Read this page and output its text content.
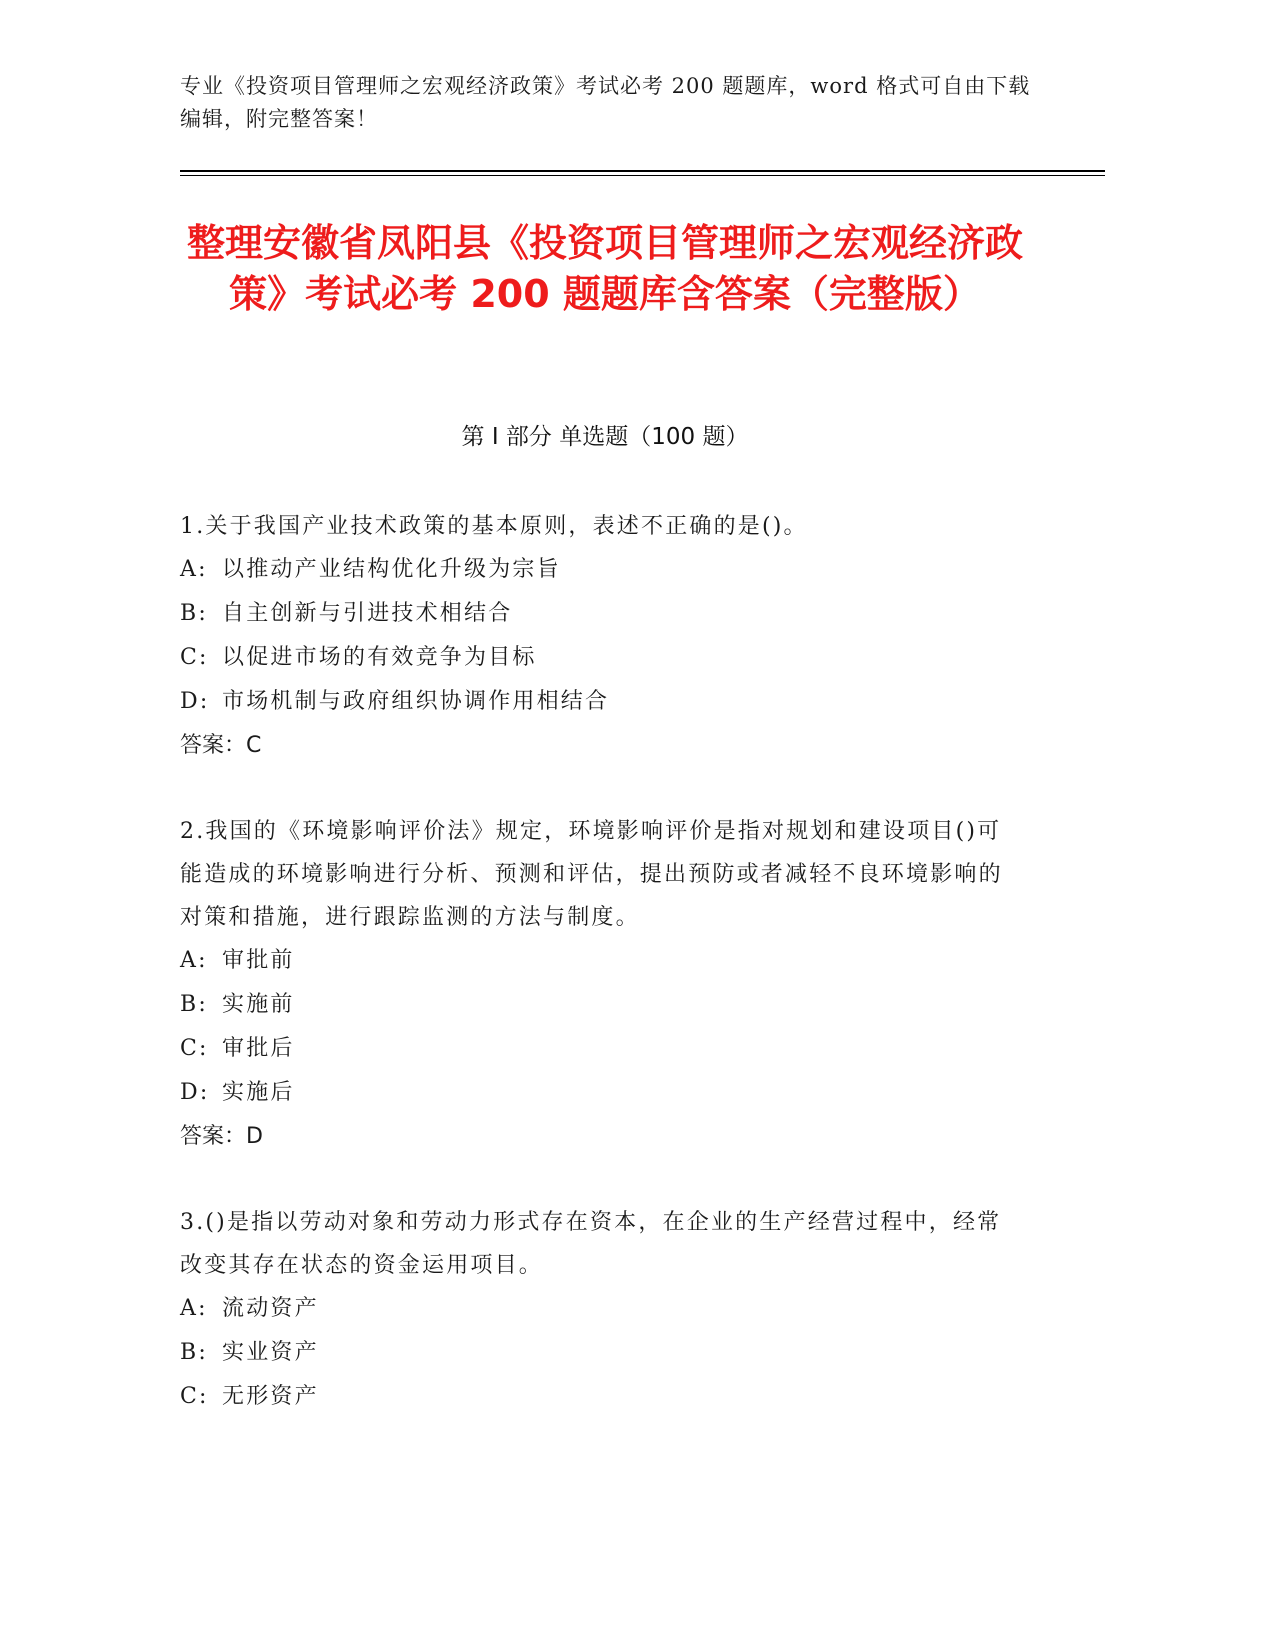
专业《投资项目管理师之宏观经济政策》考试必考 200 题题库，word 格式可自由下载编辑，附完整答案！
整理安徽省凤阳县《投资项目管理师之宏观经济政策》考试必考 200 题题库含答案（完整版）
第 I 部分 单选题（100 题）

1.关于我国产业技术政策的基本原则，表述不正确的是()。

A: 以推动产业结构优化升级为宗旨

B: 自主创新与引进技术相结合

C: 以促进市场的有效竞争为目标

D: 市场机制与政府组织协调作用相结合

答案：C

2.我国的《环境影响评价法》规定，环境影响评价是指对规划和建设项目()可能造成的环境影响进行分析、预测和评估，提出预防或者减轻不良环境影响的对策和措施，进行跟踪监测的方法与制度。

A: 审批前

B: 实施前

C: 审批后

D: 实施后

答案：D

3.()是指以劳动对象和劳动力形式存在资本，在企业的生产经营过程中，经常改变其存在状态的资金运用项目。

A: 流动资产

B: 实业资产

C: 无形资产
